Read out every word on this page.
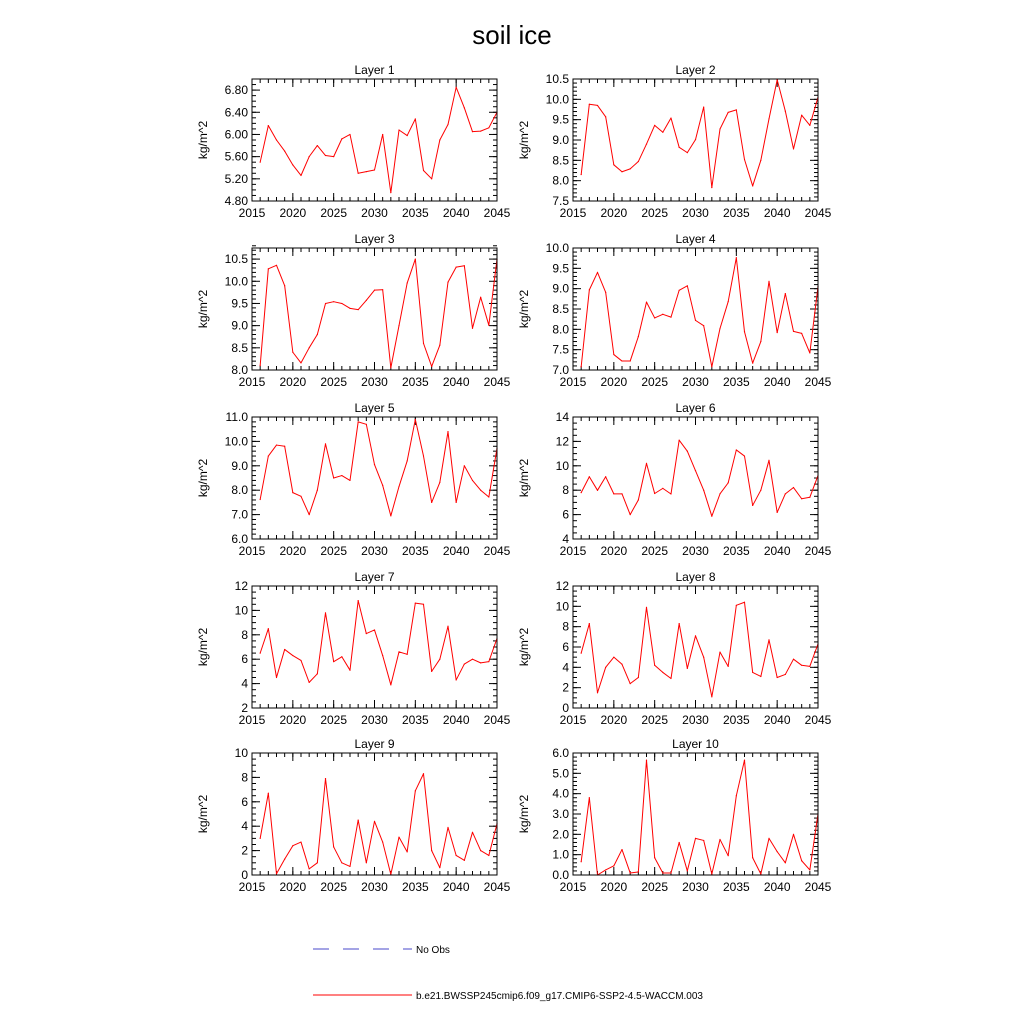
soil ice
Layer 1
kg/m^2
2015 2020 2025 2030 2035 2040 2045
4.80
5.20
5.60
6.00
6.40
6.80
Layer 2
kg/m^2
2015 2020 2025 2030 2035 2040 2045
7.5
8.0
8.5
9.0
9.5
10.0
10.5
Layer 3
kg/m^2
2015 2020 2025 2030 2035 2040 2045
8.0
8.5
9.0
9.5
10.0
10.5
Layer 4
kg/m^2
2015 2020 2025 2030 2035 2040 2045
7.0
7.5
8.0
8.5
9.0
9.5
10.0
Layer 5
kg/m^2
2015 2020 2025 2030 2035 2040 2045
6.0
7.0
8.0
9.0
10.0
11.0
Layer 6
kg/m^2
2015 2020 2025 2030 2035 2040 2045
4
6
8
10
12
14
Layer 7
kg/m^2
2015 2020 2025 2030 2035 2040 2045
2
4
6
8
10
12
Layer 8
kg/m^2
2015 2020 2025 2030 2035 2040 2045
0
2
4
6
8
10
12
Layer 9
kg/m^2
2015 2020 2025 2030 2035 2040 2045
0
2
4
6
8
10
Layer 10
kg/m^2
2015 2020 2025 2030 2035 2040 2045
0.0
1.0
2.0
3.0
4.0
5.0
6.0
No Obs
b.e21.BWSSP245cmip6.f09_g17.CMIP6-SSP2-4.5-WACCM.003
